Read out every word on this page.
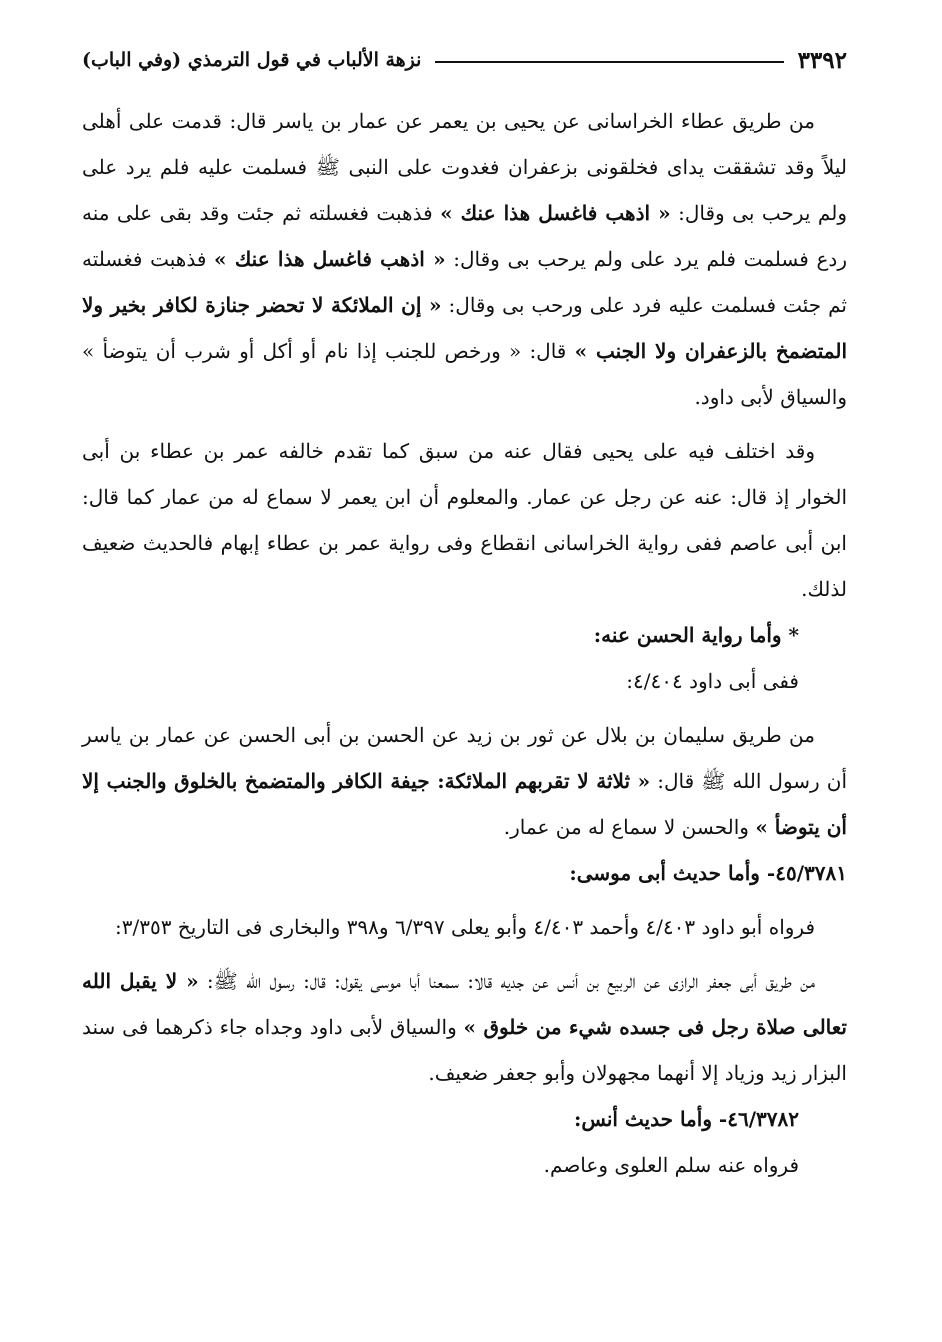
٣٣٩٢
نزهة الألباب في قول الترمذي (وفي الباب)

من طريق عطاء الخراسانى عن يحيى بن يعمر عن عمار بن ياسر قال: قدمت على أهلى ليلاً وقد تشققت يداى فخلقونى بزعفران فغدوت على النبى ﷺ فسلمت عليه فلم يرد على ولم يرحب بى وقال: « اذهب فاغسل هذا عنك » فذهبت فغسلته ثم جئت وقد بقى على منه ردع فسلمت فلم يرد على ولم يرحب بى وقال: « اذهب فاغسل هذا عنك » فذهبت فغسلته ثم جئت فسلمت عليه فرد على ورحب بى وقال: « إن الملائكة لا تحضر جنازة لكافر بخير ولا المتضمخ بالزعفران ولا الجنب » قال: « ورخص للجنب إذا نام أو أكل أو شرب أن يتوضأ » والسياق لأبى داود.

وقد اختلف فيه على يحيى فقال عنه من سبق كما تقدم خالفه عمر بن عطاء بن أبى الخوار إذ قال: عنه عن رجل عن عمار. والمعلوم أن ابن يعمر لا سماع له من عمار كما قال: ابن أبى عاصم ففى رواية الخراسانى انقطاع وفى رواية عمر بن عطاء إبهام فالحديث ضعيف لذلك.

* وأما رواية الحسن عنه:

ففى أبى داود ٤/٤٠٤:

من طريق سليمان بن بلال عن ثور بن زيد عن الحسن بن أبى الحسن عن عمار بن ياسر أن رسول الله ﷺ قال: « ثلاثة لا تقربهم الملائكة: جيفة الكافر والمتضمخ بالخلوق والجنب إلا أن يتوضأ » والحسن لا سماع له من عمار.

٤٥/٣٧٨١- وأما حديث أبى موسى:

فرواه أبو داود ٤/٤٠٣ وأحمد ٤/٤٠٣ وأبو يعلى ٦/٣٩٧ و٣٩٨ والبخارى فى التاريخ ٣/٣٥٣:

من طريق أبى جعفر الرازى عن الربيع بن أنس عن جديه قالا: سمعنا أبا موسى يقول: قال: رسول الله ﷺ: « لا يقبل الله تعالى صلاة رجل فى جسده شيء من خلوق » والسياق لأبى داود وجداه جاء ذكرهما فى سند البزار زيد وزياد إلا أنهما مجهولان وأبو جعفر ضعيف.

٤٦/٣٧٨٢- وأما حديث أنس:

فرواه عنه سلم العلوى وعاصم.
